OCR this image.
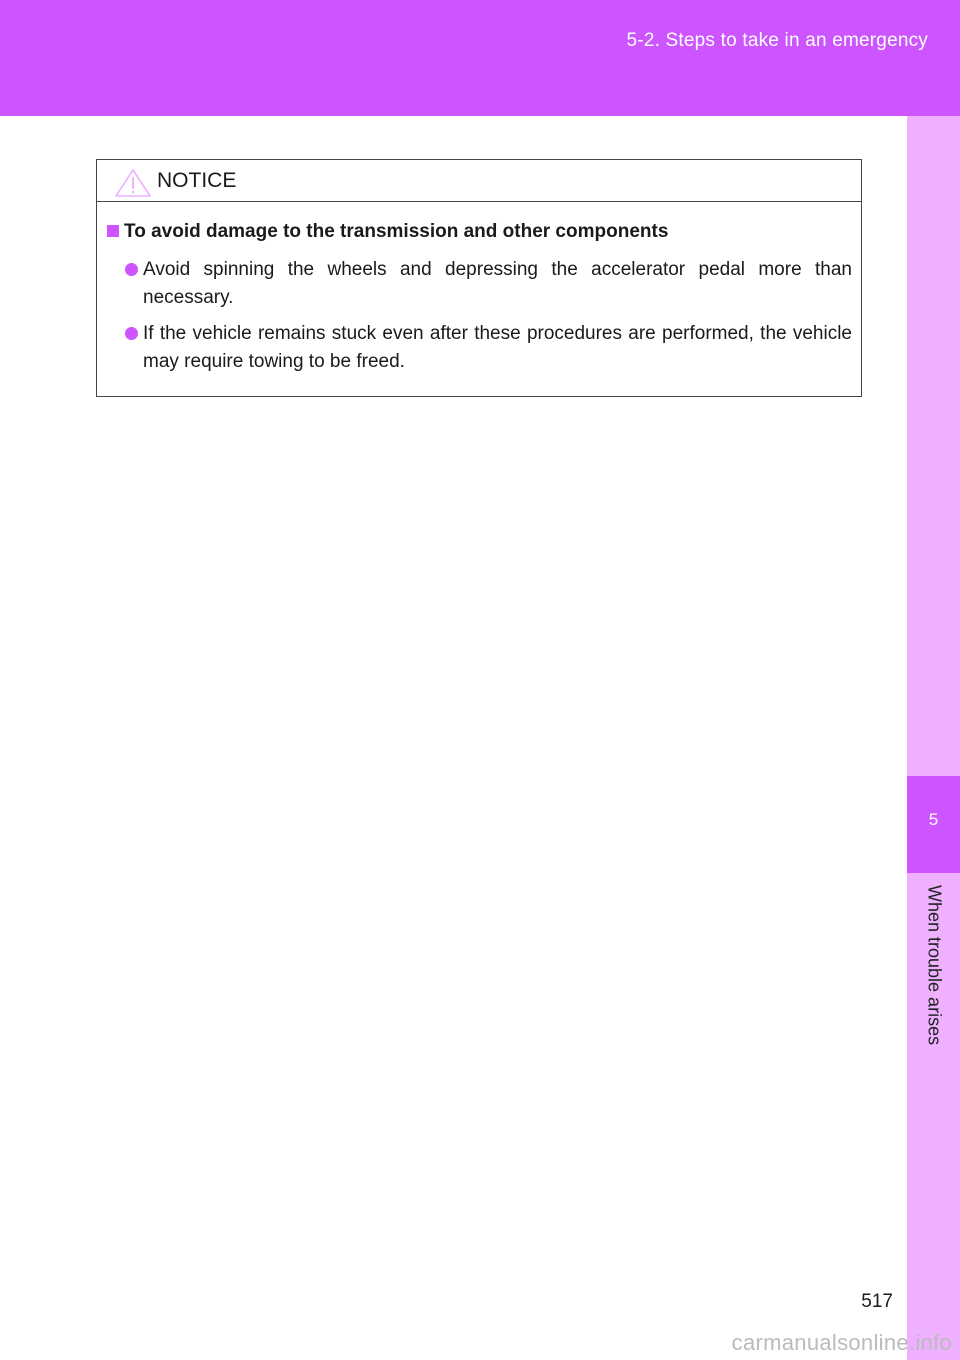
5-2. Steps to take in an emergency
5
When trouble arises
NOTICE
To avoid damage to the transmission and other components
Avoid spinning the wheels and depressing the accelerator pedal more than necessary.
If the vehicle remains stuck even after these procedures are performed, the vehicle may require towing to be freed.
517
carmanualsonline.info
